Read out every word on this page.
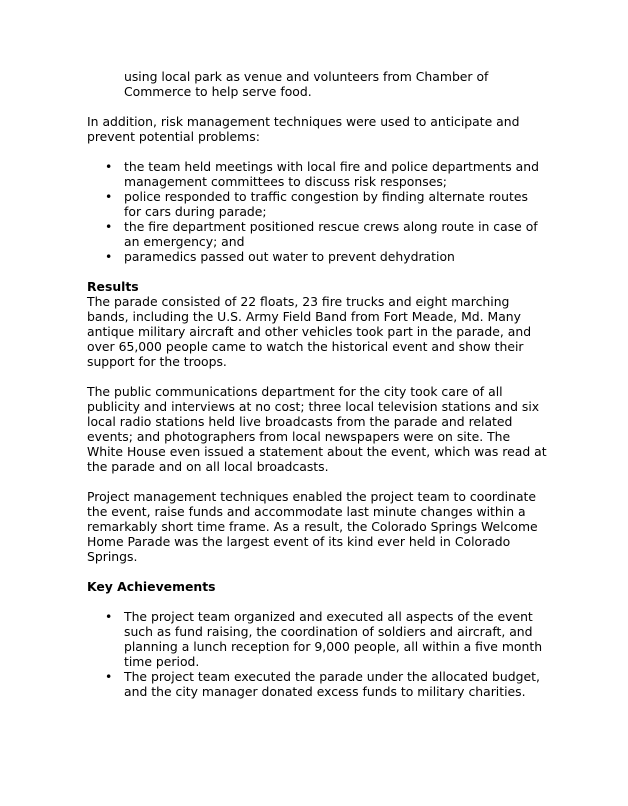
using local park as venue and volunteers from Chamber of Commerce to help serve food.

In addition, risk management techniques were used to anticipate and prevent potential problems:

• the team held meetings with local fire and police departments and management committees to discuss risk responses;
• police responded to traffic congestion by finding alternate routes for cars during parade;
• the fire department positioned rescue crews along route in case of an emergency; and
• paramedics passed out water to prevent dehydration

Results

The parade consisted of 22 floats, 23 fire trucks and eight marching bands, including the U.S. Army Field Band from Fort Meade, Md. Many antique military aircraft and other vehicles took part in the parade, and over 65,000 people came to watch the historical event and show their support for the troops.

The public communications department for the city took care of all publicity and interviews at no cost; three local television stations and six local radio stations held live broadcasts from the parade and related events; and photographers from local newspapers were on site. The White House even issued a statement about the event, which was read at the parade and on all local broadcasts.

Project management techniques enabled the project team to coordinate the event, raise funds and accommodate last minute changes within a remarkably short time frame. As a result, the Colorado Springs Welcome Home Parade was the largest event of its kind ever held in Colorado Springs.

Key Achievements

• The project team organized and executed all aspects of the event such as fund raising, the coordination of soldiers and aircraft, and planning a lunch reception for 9,000 people, all within a five month time period.
• The project team executed the parade under the allocated budget, and the city manager donated excess funds to military charities.
